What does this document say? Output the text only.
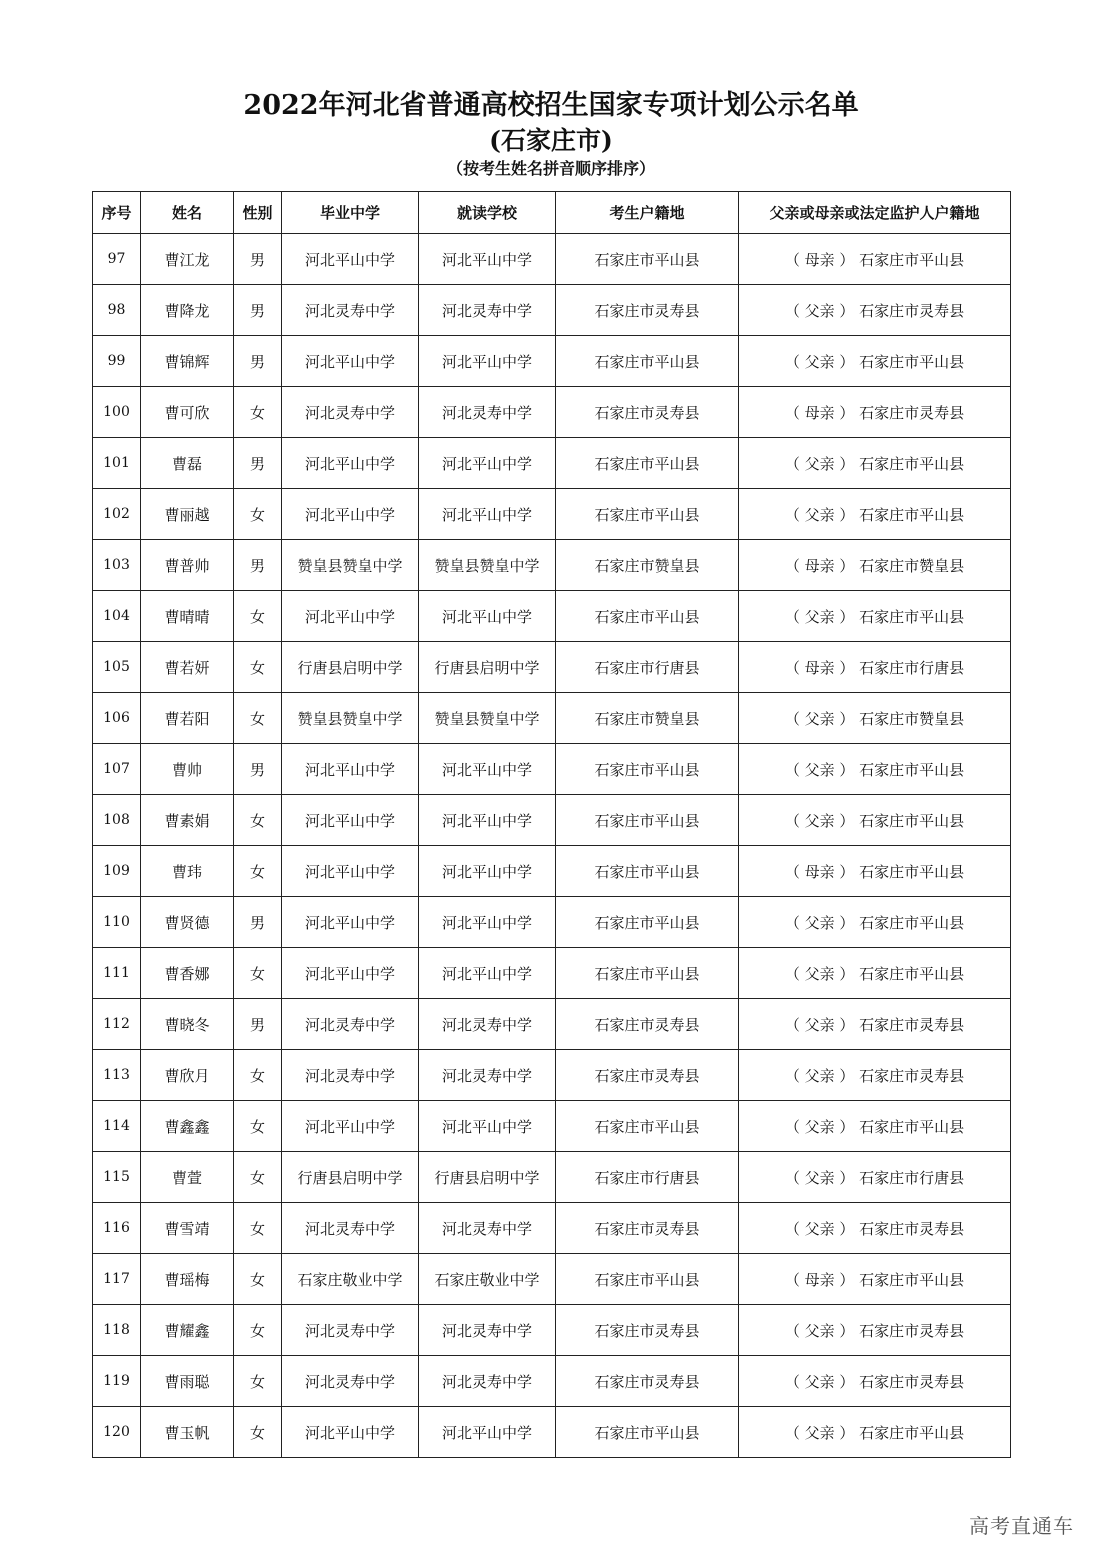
2022年河北省普通高校招生国家专项计划公示名单
(石家庄市)
（按考生姓名拼音顺序排序）
序号	姓名	性别	毕业中学	就读学校	考生户籍地	父亲或母亲或法定监护人户籍地
97	曹江龙	男	河北平山中学	河北平山中学	石家庄市平山县	（ 母亲 ） 石家庄市平山县
98	曹降龙	男	河北灵寿中学	河北灵寿中学	石家庄市灵寿县	（ 父亲 ） 石家庄市灵寿县
99	曹锦辉	男	河北平山中学	河北平山中学	石家庄市平山县	（ 父亲 ） 石家庄市平山县
100	曹可欣	女	河北灵寿中学	河北灵寿中学	石家庄市灵寿县	（ 母亲 ） 石家庄市灵寿县
101	曹磊	男	河北平山中学	河北平山中学	石家庄市平山县	（ 父亲 ） 石家庄市平山县
102	曹丽越	女	河北平山中学	河北平山中学	石家庄市平山县	（ 父亲 ） 石家庄市平山县
103	曹普帅	男	赞皇县赞皇中学	赞皇县赞皇中学	石家庄市赞皇县	（ 母亲 ） 石家庄市赞皇县
104	曹晴晴	女	河北平山中学	河北平山中学	石家庄市平山县	（ 父亲 ） 石家庄市平山县
105	曹若妍	女	行唐县启明中学	行唐县启明中学	石家庄市行唐县	（ 母亲 ） 石家庄市行唐县
106	曹若阳	女	赞皇县赞皇中学	赞皇县赞皇中学	石家庄市赞皇县	（ 父亲 ） 石家庄市赞皇县
107	曹帅	男	河北平山中学	河北平山中学	石家庄市平山县	（ 父亲 ） 石家庄市平山县
108	曹素娟	女	河北平山中学	河北平山中学	石家庄市平山县	（ 父亲 ） 石家庄市平山县
109	曹玮	女	河北平山中学	河北平山中学	石家庄市平山县	（ 母亲 ） 石家庄市平山县
110	曹贤德	男	河北平山中学	河北平山中学	石家庄市平山县	（ 父亲 ） 石家庄市平山县
111	曹香娜	女	河北平山中学	河北平山中学	石家庄市平山县	（ 父亲 ） 石家庄市平山县
112	曹晓冬	男	河北灵寿中学	河北灵寿中学	石家庄市灵寿县	（ 父亲 ） 石家庄市灵寿县
113	曹欣月	女	河北灵寿中学	河北灵寿中学	石家庄市灵寿县	（ 父亲 ） 石家庄市灵寿县
114	曹鑫鑫	女	河北平山中学	河北平山中学	石家庄市平山县	（ 父亲 ） 石家庄市平山县
115	曹萱	女	行唐县启明中学	行唐县启明中学	石家庄市行唐县	（ 父亲 ） 石家庄市行唐县
116	曹雪靖	女	河北灵寿中学	河北灵寿中学	石家庄市灵寿县	（ 父亲 ） 石家庄市灵寿县
117	曹瑶梅	女	石家庄敬业中学	石家庄敬业中学	石家庄市平山县	（ 母亲 ） 石家庄市平山县
118	曹耀鑫	女	河北灵寿中学	河北灵寿中学	石家庄市灵寿县	（ 父亲 ） 石家庄市灵寿县
119	曹雨聪	女	河北灵寿中学	河北灵寿中学	石家庄市灵寿县	（ 父亲 ） 石家庄市灵寿县
120	曹玉帆	女	河北平山中学	河北平山中学	石家庄市平山县	（ 父亲 ） 石家庄市平山县
高考直通车
